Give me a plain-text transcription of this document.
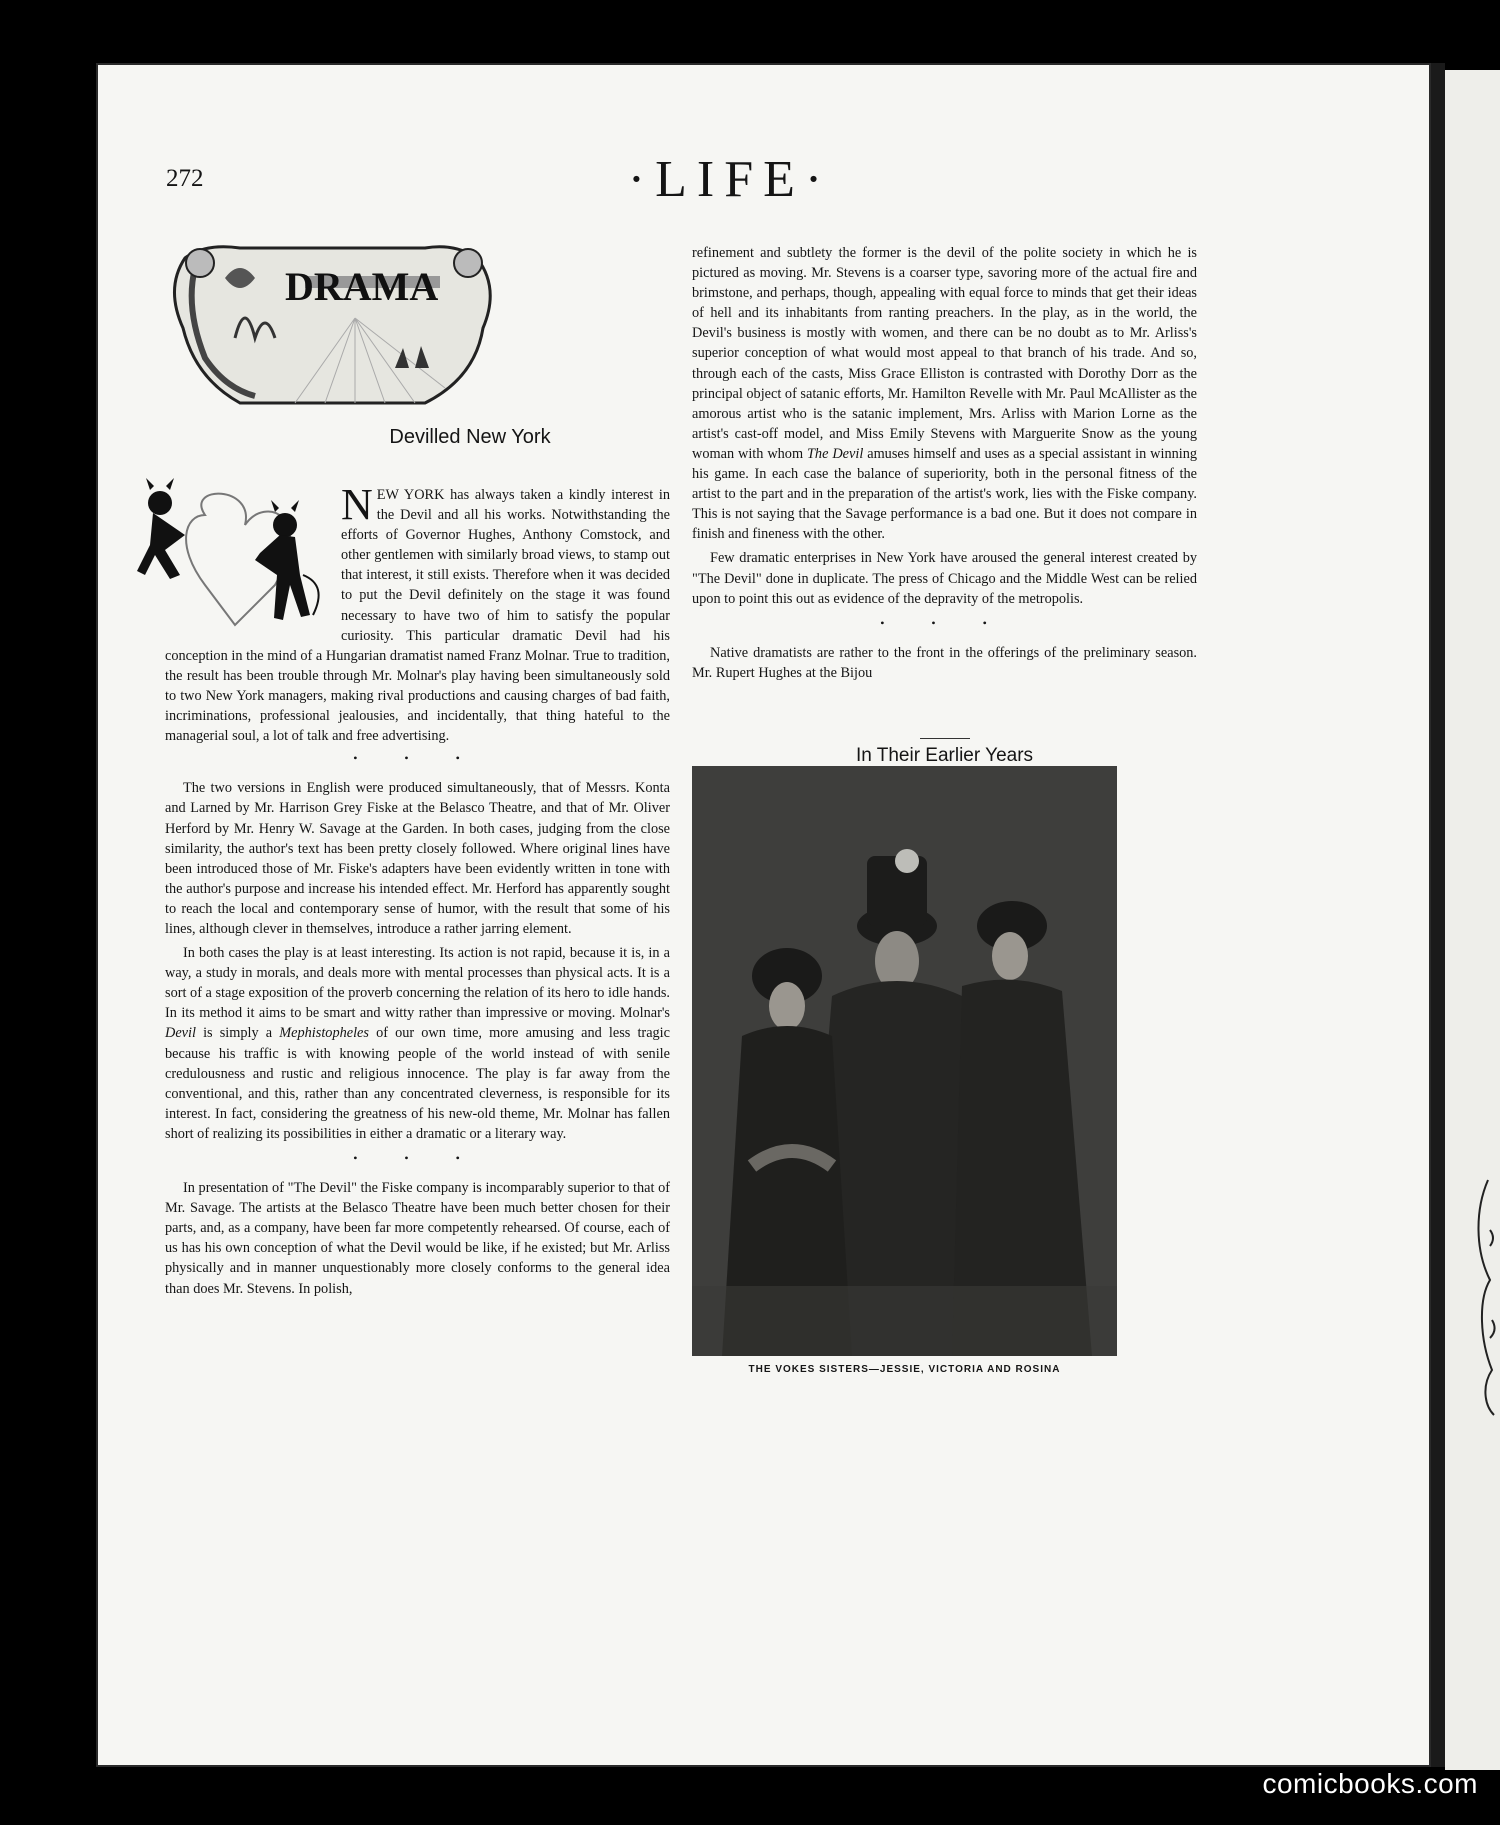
272	·LIFE·
DRAMA
Devilled New York
N EW YORK has always taken a kindly interest in the Devil and all his works. Notwithstanding the efforts of Governor Hughes, Anthony Comstock, and other gentlemen with similarly broad views, to stamp out that interest, it still exists. Therefore when it was decided to put the Devil definitely on the stage it was found necessary to have two of him to satisfy the popular curiosity. This particular dramatic Devil had his conception in the mind of a Hungarian dramatist named Franz Molnar. True to tradition, the result has been trouble through Mr. Molnar's play having been simultaneously sold to two New York managers, making rival productions and causing charges of bad faith, incriminations, professional jealousies, and incidentally, that thing hateful to the managerial soul, a lot of talk and free advertising.
• • •

The two versions in English were produced simultaneously, that of Messrs. Konta and Larned by Mr. Harrison Grey Fiske at the Belasco Theatre, and that of Mr. Oliver Herford by Mr. Henry W. Savage at the Garden. In both cases, judging from the close similarity, the author's text has been pretty closely followed. Where original lines have been introduced those of Mr. Fiske's adapters have been evidently written in tone with the author's purpose and increase his intended effect. Mr. Herford has apparently sought to reach the local and contemporary sense of humor, with the result that some of his lines, although clever in themselves, introduce a rather jarring element.

In both cases the play is at least interesting. Its action is not rapid, because it is, in a way, a study in morals, and deals more with mental processes than physical acts. It is a sort of a stage exposition of the proverb concerning the relation of its hero to idle hands. In its method it aims to be smart and witty rather than impressive or moving. Molnar's Devil is simply a Mephistopheles of our own time, more amusing and less tragic because his traffic is with knowing people of the world instead of with senile credulousness and rustic and religious innocence. The play is far away from the conventional, and this, rather than any concentrated cleverness, is responsible for its interest. In fact, considering the greatness of his new-old theme, Mr. Molnar has fallen short of realizing its possibilities in either a dramatic or a literary way.

• • •

In presentation of "The Devil" the Fiske company is incomparably superior to that of Mr. Savage. The artists at the Belasco Theatre have been much better chosen for their parts, and, as a company, have been far more competently rehearsed. Of course, each of us has his own conception of what the Devil would be like, if he existed; but Mr. Arliss physically and in manner unquestionably more closely conforms to the general idea than does Mr. Stevens. In polish,

refinement and subtlety the former is the devil of the polite society in which he is pictured as moving. Mr. Stevens is a coarser type, savoring more of the actual fire and brimstone, and perhaps, though, appealing with equal force to minds that get their ideas of hell and its inhabitants from ranting preachers. In the play, as in the world, the Devil's business is mostly with women, and there can be no doubt as to Mr. Arliss's superior conception of what would most appeal to that branch of his trade. And so, through each of the casts, Miss Grace Elliston is contrasted with Dorothy Dorr as the principal object of satanic efforts, Mr. Hamilton Revelle with Mr. Paul McAllister as the amorous artist who is the satanic implement, Mrs. Arliss with Marion Lorne as the artist's cast-off model, and Miss Emily Stevens with Marguerite Snow as the young woman with whom The Devil amuses himself and uses as a special assistant in winning his game. In each case the balance of superiority, both in the personal fitness of the artist to the part and in the preparation of the artist's work, lies with the Fiske company. This is not saying that the Savage performance is a bad one. But it does not compare in finish and fineness with the other.

Few dramatic enterprises in New York have aroused the general interest created by "The Devil" done in duplicate. The press of Chicago and the Middle West can be relied upon to point this out as evidence of the depravity of the metropolis.

• • •

Native dramatists are rather to the front in the offerings of the preliminary season. Mr. Rupert Hughes at the Bijou

In Their Earlier Years
THE VOKES SISTERS—JESSIE, VICTORIA AND ROSINA
comicbooks.com
